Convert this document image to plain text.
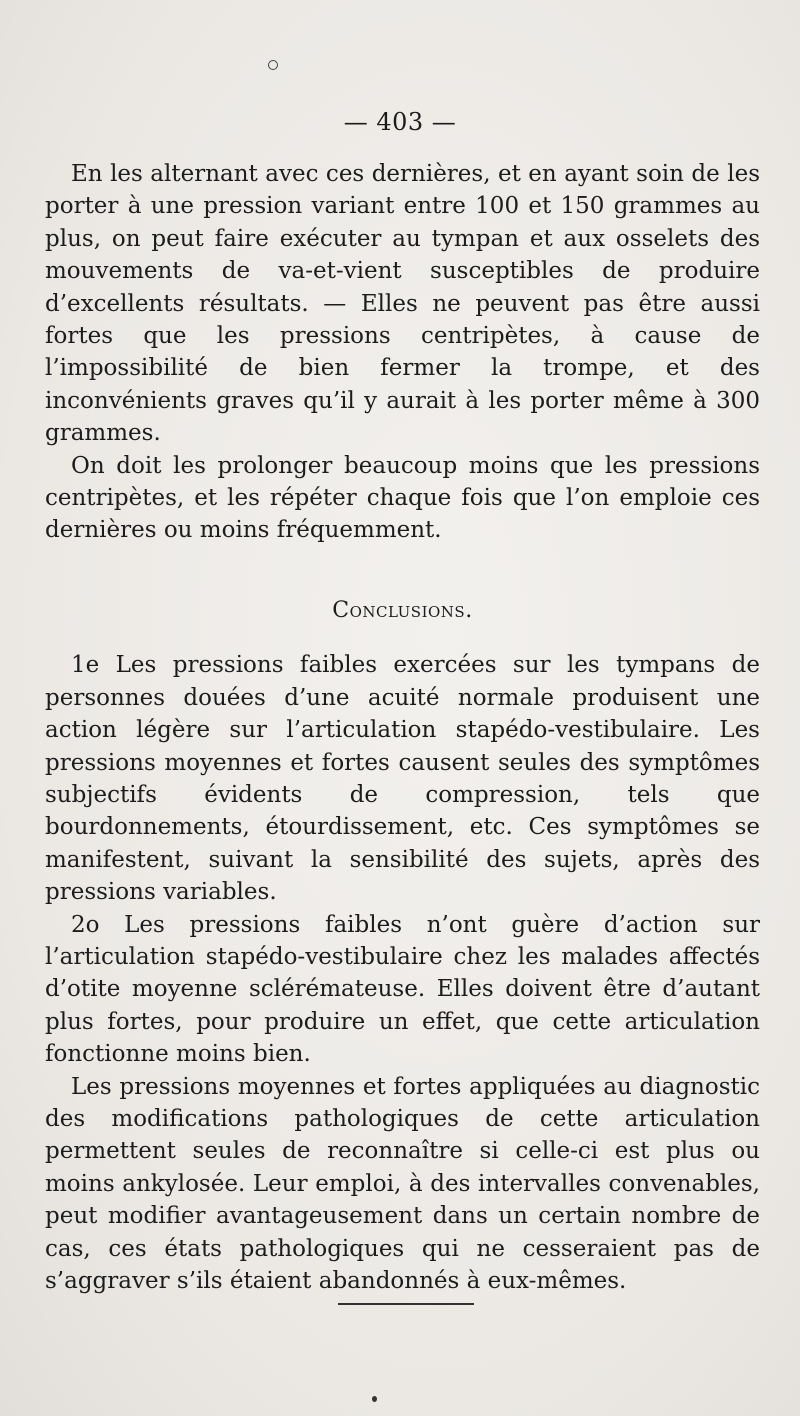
— 403 —

En les alternant avec ces dernières, et en ayant soin de les porter à une pression variant entre 100 et 150 grammes au plus, on peut faire exécuter au tympan et aux osselets des mouvements de va-et-vient susceptibles de produire d’excellents résultats. — Elles ne peuvent pas être aussi fortes que les pressions centripètes, à cause de l’impossibilité de bien fermer la trompe, et des inconvénients graves qu’il y aurait à les porter même à 300 grammes.

On doit les prolonger beaucoup moins que les pressions centripètes, et les répéter chaque fois que l’on emploie ces dernières ou moins fréquemment.

Conclusions.

1e Les pressions faibles exercées sur les tympans de personnes douées d’une acuité normale produisent une action légère sur l’articulation stapédo-vestibulaire. Les pressions moyennes et fortes causent seules des symptômes subjectifs évidents de compression, tels que bourdonnements, étourdissement, etc. Ces symptômes se manifestent, suivant la sensibilité des sujets, après des pressions variables.

2o Les pressions faibles n’ont guère d’action sur l’articulation stapédo-vestibulaire chez les malades affectés d’otite moyenne sclérémateuse. Elles doivent être d’autant plus fortes, pour produire un effet, que cette articulation fonctionne moins bien.

Les pressions moyennes et fortes appliquées au diagnostic des modifications pathologiques de cette articulation permettent seules de reconnaître si celle-ci est plus ou moins ankylosée. Leur emploi, à des intervalles convenables, peut modifier avantageusement dans un certain nombre de cas, ces états pathologiques qui ne cesseraient pas de s’aggraver s’ils étaient abandonnés à eux-mêmes.
